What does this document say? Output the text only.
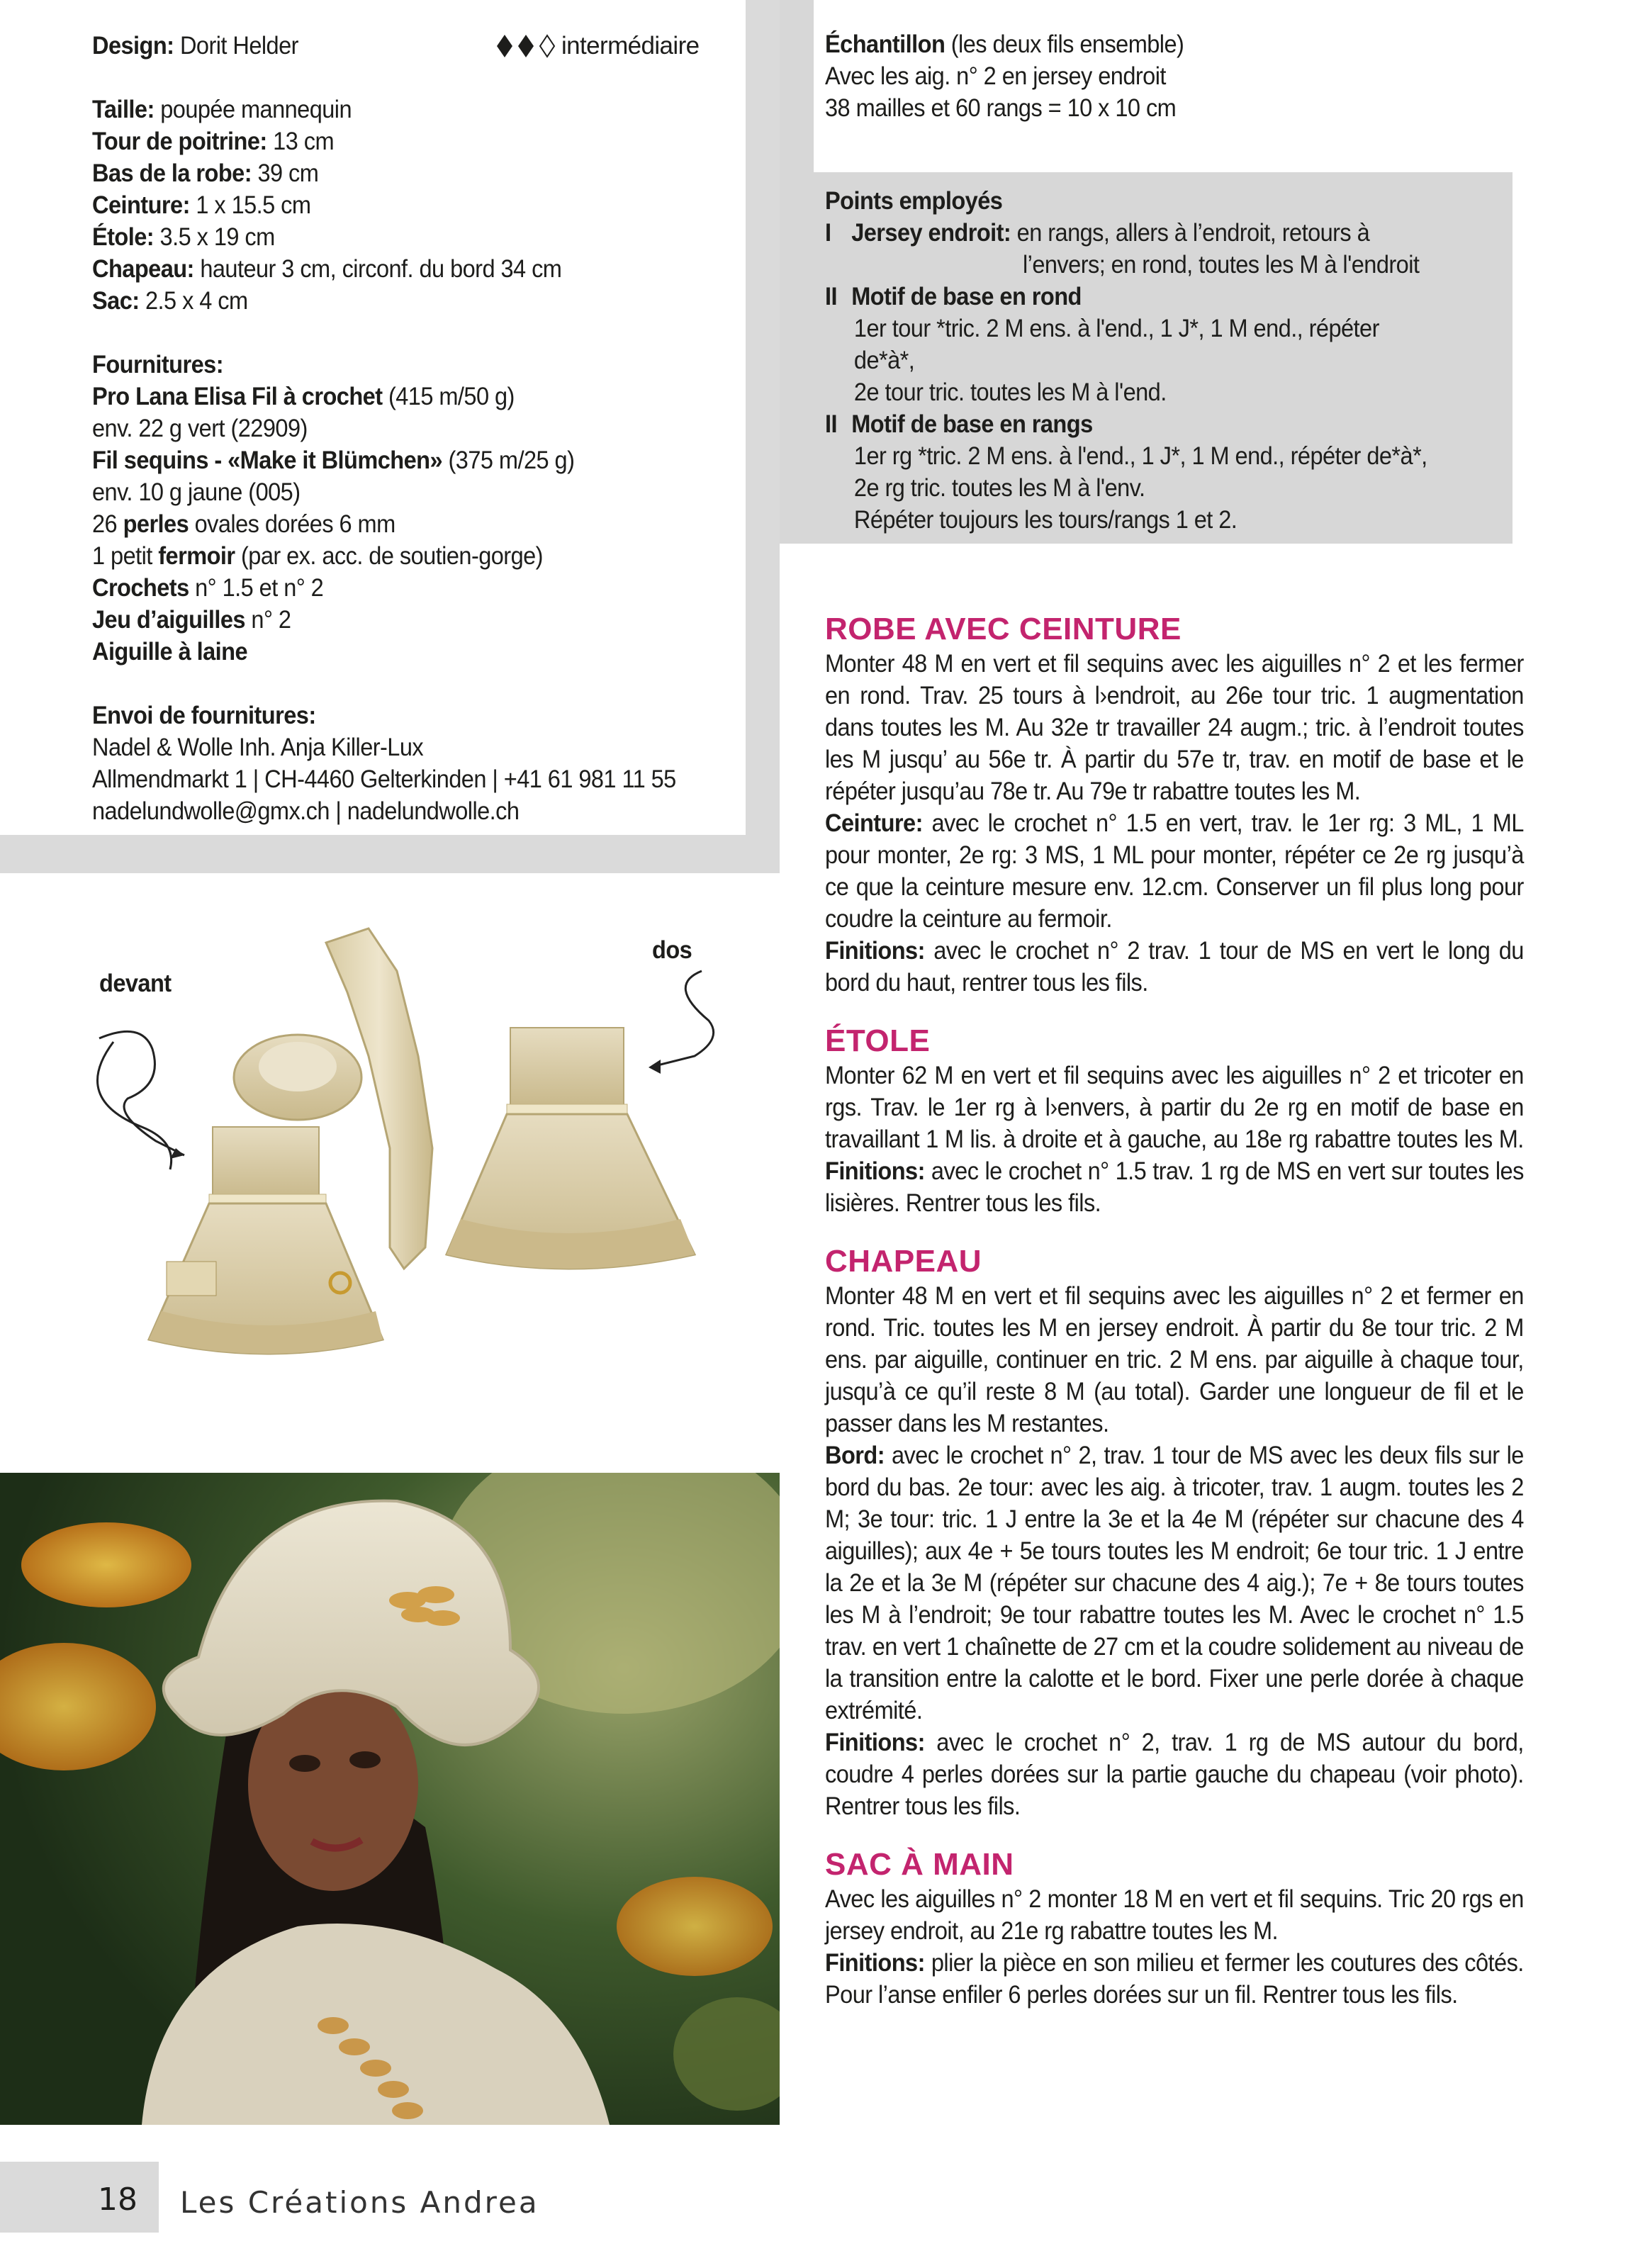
Design: Dorit Helder
Taille: poupée mannequin
Tour de poitrine: 13 cm
Bas de la robe: 39 cm
Ceinture: 1 x 15.5 cm
Étole: 3.5 x 19 cm
Chapeau: hauteur 3 cm, circonf. du bord 34 cm
Sac: 2.5 x 4 cm
Fournitures:
Pro Lana Elisa Fil à crochet (415 m/50 g)
env. 22 g vert (22909)
Fil sequins - «Make it Blümchen» (375 m/25 g)
env. 10 g jaune (005)
26 perles ovales dorées 6 mm
1 petit fermoir (par ex. acc. de soutien-gorge)
Crochets n° 1.5 et n° 2
Jeu d’aiguilles n° 2
Aiguille à laine
Envoi de fournitures:
Nadel & Wolle Inh. Anja Killer-Lux
Allmendmarkt 1 | CH-4460 Gelterkinden | +41 61 981 11 55
nadelundwolle@gmx.ch | nadelundwolle.ch
intermédiaire	Échantillon (les deux fils ensemble)
Avec les aig. n° 2 en jersey endroit
38 mailles et 60 rangs = 10 x 10 cm
Points employés
I Jersey endroit: en rangs, allers à l’endroit, retours à
l’envers; en rond, toutes les M à l'endroit
II Motif de base en rond
1er tour *tric. 2 M ens. à l'end., 1 J*, 1 M end., répéter
de*à*,
2e tour tric. toutes les M à l'end.
II Motif de base en rangs
1er rg *tric. 2 M ens. à l'end., 1 J*, 1 M end., répéter de*à*,
2e rg tric. toutes les M à l'env.
Répéter toujours les tours/rangs 1 et 2.
ROBE AVEC CEINTURE
Monter 48 M en vert et fil sequins avec les aiguilles n° 2 et les fermer en rond. Trav. 25 tours à l›endroit, au 26e tour tric. 1 augmentation dans toutes les M. Au 32e tr travailler 24 augm.; tric. à l’endroit toutes les M jusqu’ au 56e tr. À partir du 57e tr, trav. en motif de base et le répéter jusqu’au 78e tr. Au 79e tr rabattre toutes les M.
Ceinture: avec le crochet n° 1.5 en vert, trav. le 1er rg: 3 ML, 1 ML pour monter, 2e rg: 3 MS, 1 ML pour monter, répéter ce 2e rg jusqu’à ce que la ceinture mesure env. 12.cm. Conserver un fil plus long pour coudre la ceinture au fermoir.
Finitions: avec le crochet n° 2 trav. 1 tour de MS en vert le long du bord du haut, rentrer tous les fils.
ÉTOLE
Monter 62 M en vert et fil sequins avec les aiguilles n° 2 et tricoter en rgs. Trav. le 1er rg à l›envers, à partir du 2e rg en motif de base en travaillant 1 M lis. à droite et à gauche, au 18e rg rabattre toutes les M. Finitions: avec le crochet n° 1.5 trav. 1 rg de MS en vert sur toutes les lisières. Rentrer tous les fils.
CHAPEAU
Monter 48 M en vert et fil sequins avec les aiguilles n° 2 et fermer en rond. Tric. toutes les M en jersey endroit. À partir du 8e tour tric. 2 M ens. par aiguille, continuer en tric. 2 M ens. par aiguille à chaque tour, jusqu’à ce qu’il reste 8 M (au total). Garder une longueur de fil et le passer dans les M restantes.
Bord: avec le crochet n° 2, trav. 1 tour de MS avec les deux fils sur le bord du bas. 2e tour: avec les aig. à tricoter, trav. 1 augm. toutes les 2 M; 3e tour: tric. 1 J entre la 3e et la 4e M (répéter sur chacune des 4 aiguilles); aux 4e + 5e tours toutes les M endroit; 6e tour tric. 1 J entre la 2e et la 3e M (répéter sur chacune des 4 aig.); 7e + 8e tours toutes les M à l’endroit; 9e tour rabattre toutes les M. Avec le crochet n° 1.5 trav. en vert 1 chaînette de 27 cm et la coudre solidement au niveau de la transition entre la calotte et le bord. Fixer une perle dorée à chaque extrémité.
Finitions: avec le crochet n° 2, trav. 1 rg de MS autour du bord, coudre 4 perles dorées sur la partie gauche du chapeau (voir photo). Rentrer tous les fils.
SAC À MAIN
Avec les aiguilles n° 2 monter 18 M en vert et fil sequins. Tric 20 rgs en jersey endroit, au 21e rg rabattre toutes les M.
Finitions: plier la pièce en son milieu et fermer les coutures des côtés. Pour l’anse enfiler 6 perles dorées sur un fil. Rentrer tous les fils.
devant
dos
18 Les Créations Andrea
